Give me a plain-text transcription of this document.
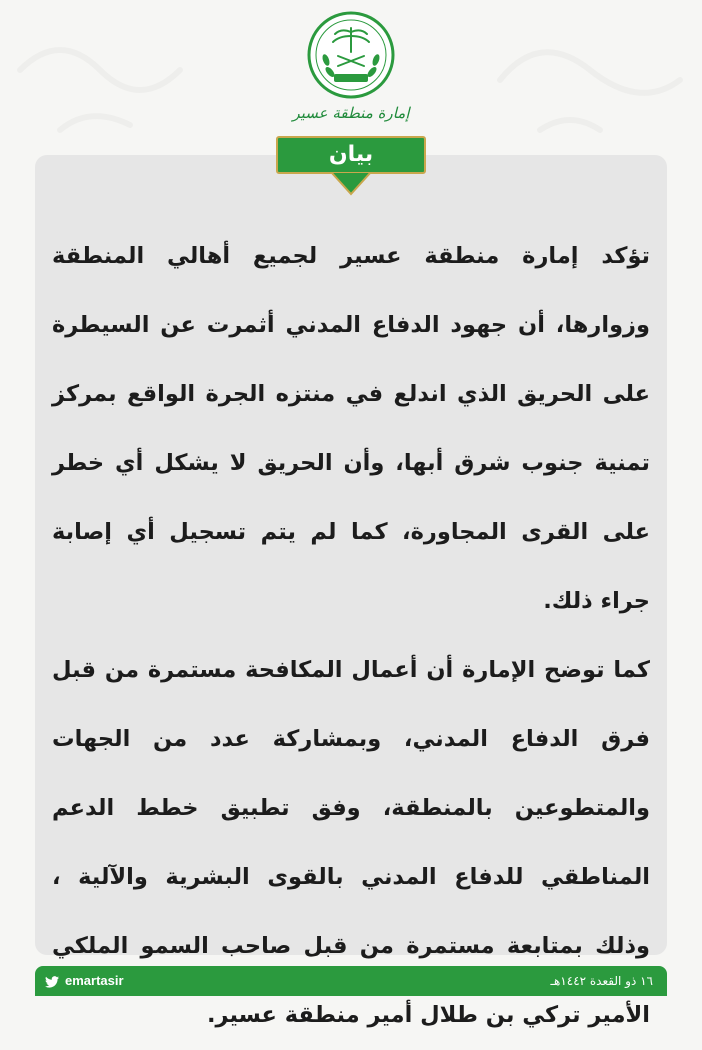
إمارة منطقة عسير
بيان

تؤكد إمارة منطقة عسير لجميع أهالي المنطقة وزوارها، أن جهود الدفاع المدني أثمرت عن السيطرة على الحريق الذي اندلع في منتزه الجرة الواقع بمركز تمنية جنوب شرق أبها، وأن الحريق لا يشكل أي خطر على القرى المجاورة، كما لم يتم تسجيل أي إصابة جراء ذلك.

كما توضح الإمارة أن أعمال المكافحة مستمرة من قبل فرق الدفاع المدني، وبمشاركة عدد من الجهات والمتطوعين بالمنطقة، وفق تطبيق خطط الدعم المناطقي للدفاع المدني بالقوى البشرية والآلية ، وذلك بمتابعة مستمرة من قبل صاحب السمو الملكي الأمير تركي بن طلال أمير منطقة عسير.

emartasir	١٦ ذو القعدة ١٤٤٢هـ
